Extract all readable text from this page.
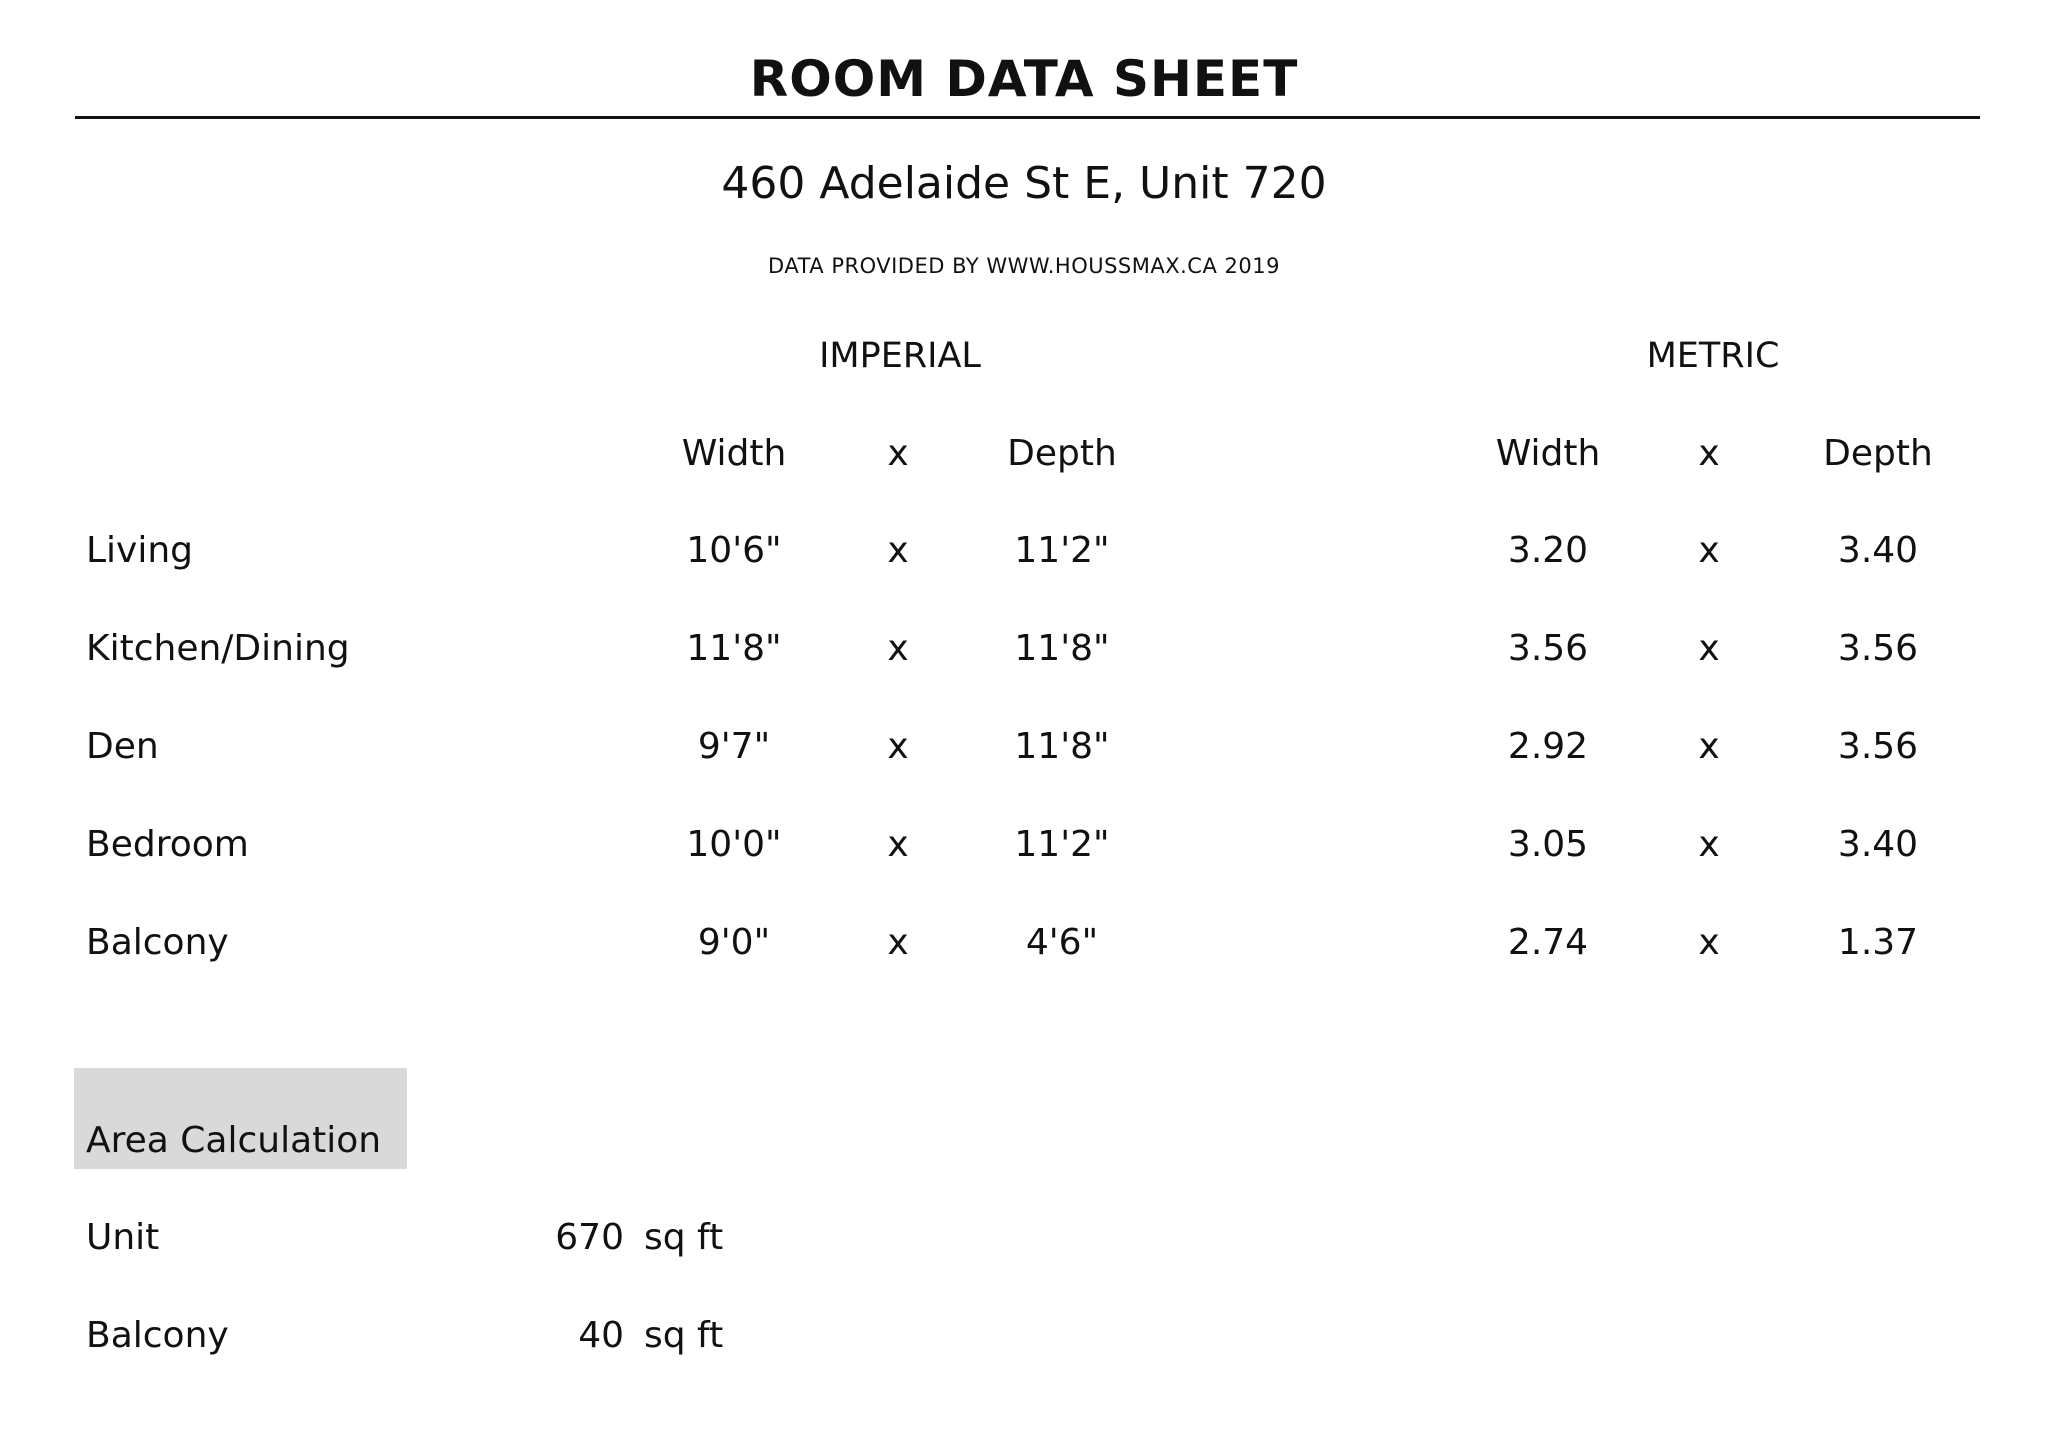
ROOM DATA SHEET
460 Adelaide St E, Unit 720
DATA PROVIDED BY WWW.HOUSSMAX.CA 2019
IMPERIAL	METRIC
Width	x	Depth	Width	x	Depth
Living	10'6"	x	11'2"	3.20	x	3.40
Kitchen/Dining	11'8"	x	11'8"	3.56	x	3.56
Den	9'7"	x	11'8"	2.92	x	3.56
Bedroom	10'0"	x	11'2"	3.05	x	3.40
Balcony	9'0"	x	4'6"	2.74	x	1.37
Area Calculation
Unit	670 sq ft
Balcony	40 sq ft
